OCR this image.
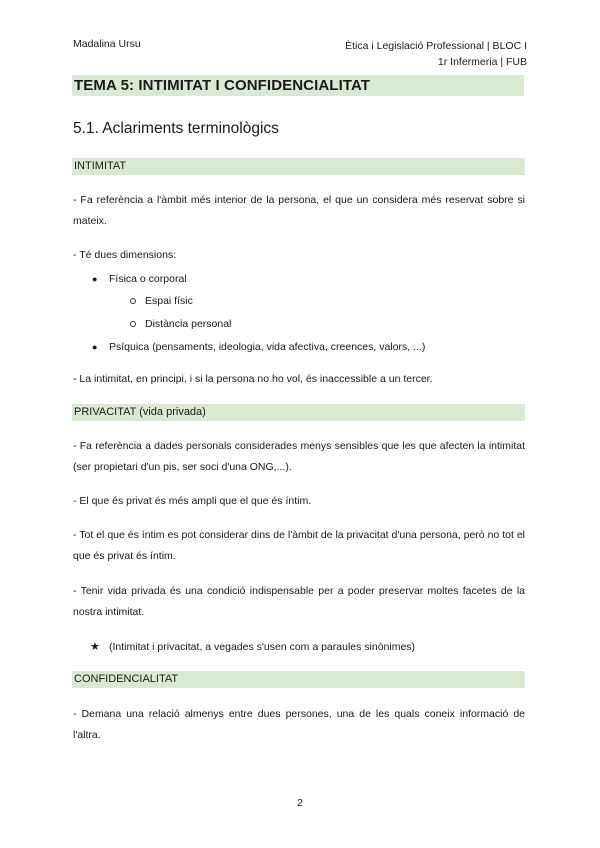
Madalina Ursu	Ètica i Legislació Professional | BLOC I
1r Infermeria | FUB
TEMA 5: INTIMITAT I CONFIDENCIALITAT
5.1. Aclariments terminològics
INTIMITAT

- Fa referència a l'àmbit més interior de la persona, el que un considera més reservat sobre si mateix.

- Té dues dimensions:

● Física o corporal
Espai físic
Distància personal
● Psíquica (pensaments, ideologia, vida afectiva, creences, valors, ...)

- La intimitat, en principi, i si la persona no ho vol, és inaccessible a un tercer.

PRIVACITAT (vida privada)

- Fa referència a dades personals considerades menys sensibles que les que afecten la intimitat (ser propietari d'un pis, ser soci d'una ONG,...).

- El que és privat és més ampli que el que és íntim.

- Tot el que és íntim es pot considerar dins de l'àmbit de la privacitat d'una persona, però no tot el que és privat és íntim.

- Tenir vida privada és una condició indispensable per a poder preservar moltes facetes de la nostra intimitat.

★ (Intimitat i privacitat, a vegades s'usen com a paraules sinònimes)
CONFIDENCIALITAT

- Demana una relació almenys entre dues persones, una de les quals coneix informació de l'altra.

2
